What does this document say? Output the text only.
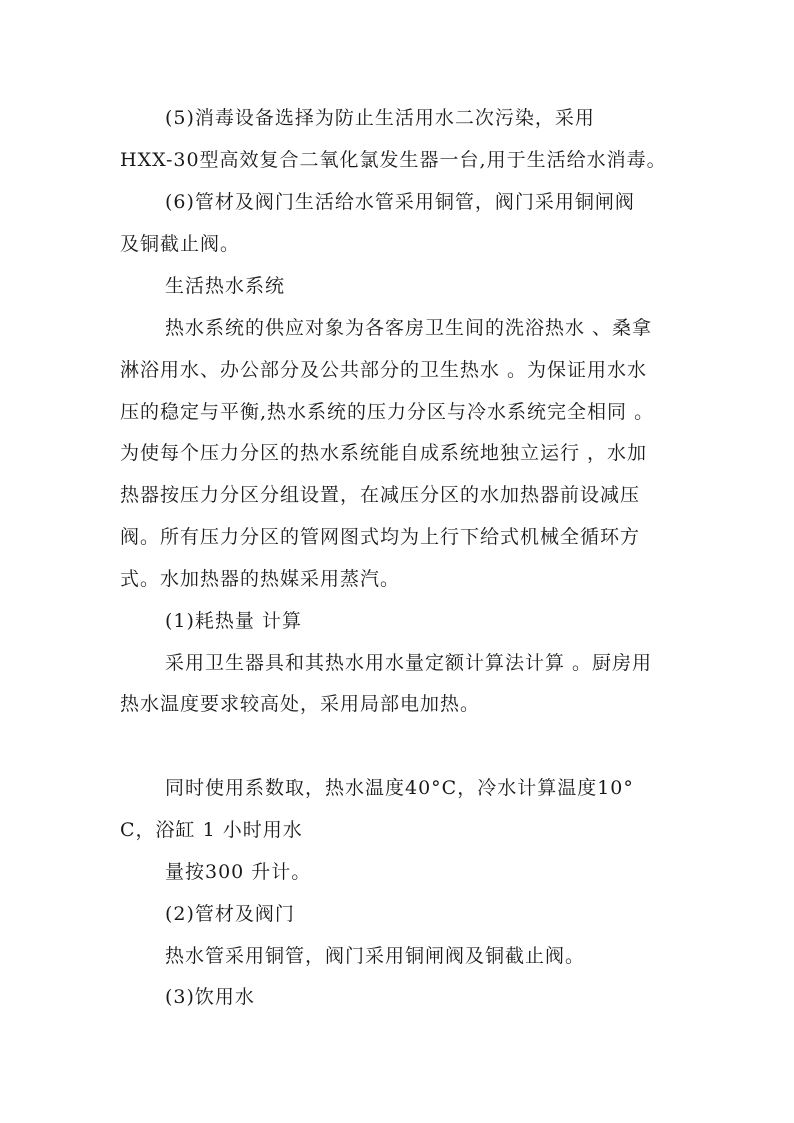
(5)消毒设备选择为防止生活用水二次污染，采用
HXX-30型高效复合二氧化氯发生器一台,用于生活给水消毒。
(6)管材及阀门生活给水管采用铜管，阀门采用铜闸阀
及铜截止阀。
生活热水系统
热水系统的供应对象为各客房卫生间的洗浴热水 、桑拿
淋浴用水、办公部分及公共部分的卫生热水 。为保证用水水
压的稳定与平衡,热水系统的压力分区与冷水系统完全相同 。
为使每个压力分区的热水系统能自成系统地独立运行 ，水加
热器按压力分区分组设置，在减压分区的水加热器前设减压
阀。所有压力分区的管网图式均为上行下给式机械全循环方
式。水加热器的热媒采用蒸汽。
(1)耗热量 计算
采用卫生器具和其热水用水量定额计算法计算 。厨房用
热水温度要求较高处，采用局部电加热。
同时使用系数取，热水温度40°C，冷水计算温度10°
C，浴缸 1 小时用水
量按300 升计。
(2)管材及阀门
热水管采用铜管，阀门采用铜闸阀及铜截止阀。
(3)饮用水
